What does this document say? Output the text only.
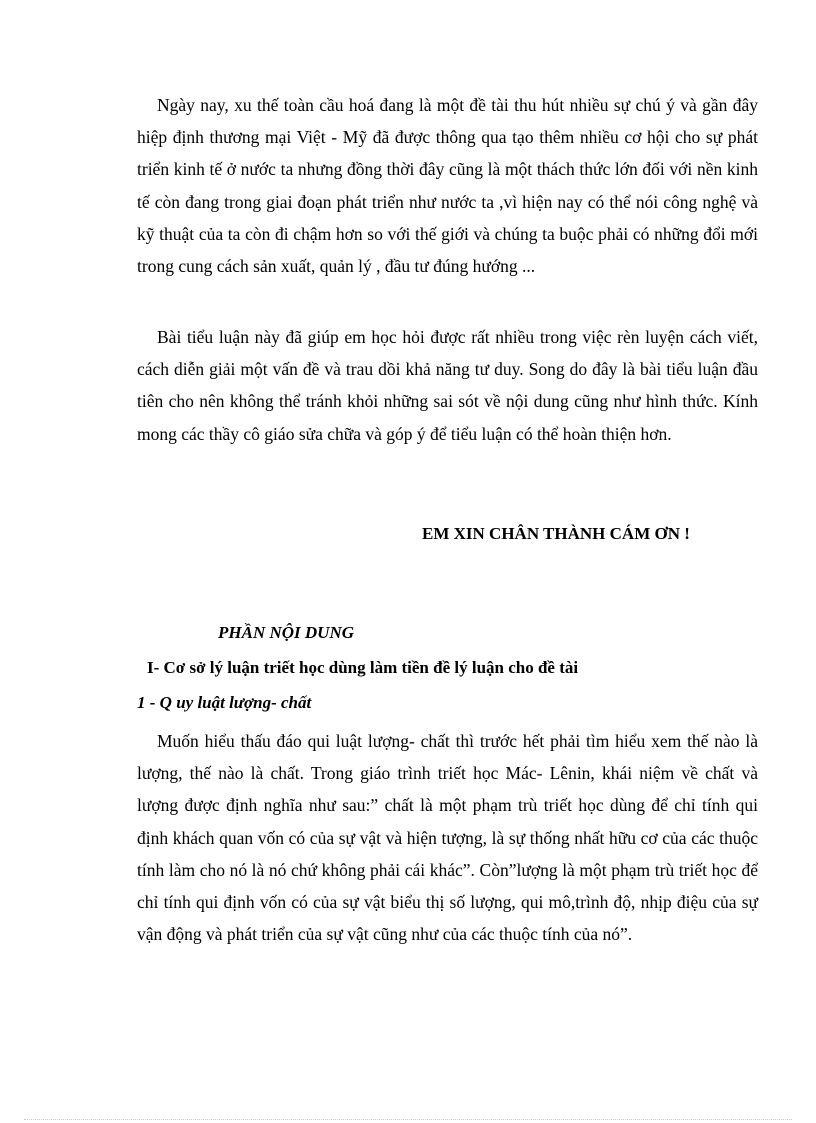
Ngày nay, xu thế toàn cầu hoá đang là một đề tài thu hút nhiều sự chú ý và gần đây hiệp định thương mại Việt - Mỹ đã được thông qua tạo thêm nhiều cơ hội cho sự phát triển kinh tế ở nước ta nhưng đồng thời đây cũng là một thách thức lớn đối với nền kinh tế còn đang trong giai đoạn phát triển như nước ta ,vì hiện nay có thể nói công nghệ và kỹ thuật của ta còn đi chậm hơn so với thế giới và chúng ta buộc phải có những đổi mới trong cung cách sản xuất, quản lý , đầu tư đúng hướng ...

Bài tiểu luận này đã giúp em học hỏi được rất nhiều trong việc rèn luyện cách viết, cách diễn giải một vấn đề và trau dồi khả năng tư duy. Song do đây là bài tiểu luận đầu tiên cho nên không thể tránh khỏi những sai sót về nội dung cũng như hình thức. Kính mong các thầy cô giáo sửa chữa và góp ý để tiểu luận có thể hoàn thiện hơn.

EM XIN CHÂN THÀNH CÁM ƠN !
PHẦN NỘI DUNG
I- Cơ sở lý luận triết học dùng làm tiền đề lý luận cho đề tài
1 - Q uy luật lượng- chất

Muốn hiểu thấu đáo qui luật lượng- chất thì trước hết phải tìm hiểu xem thế nào là lượng, thế nào là chất. Trong giáo trình triết học Mác- Lênin, khái niệm về chất và lượng được định nghĩa như sau:” chất là một phạm trù triết học dùng để chỉ tính qui định khách quan vốn có của sự vật và hiện tượng, là sự thống nhất hữu cơ của các thuộc tính làm cho nó là nó chứ không phải cái khác”. Còn”lượng là một phạm trù triết học để chỉ tính qui định vốn có của sự vật biểu thị số lượng, qui mô,trình độ, nhịp điệu của sự vận động và phát triển của sự vật cũng như của các thuộc tính của nó”.
